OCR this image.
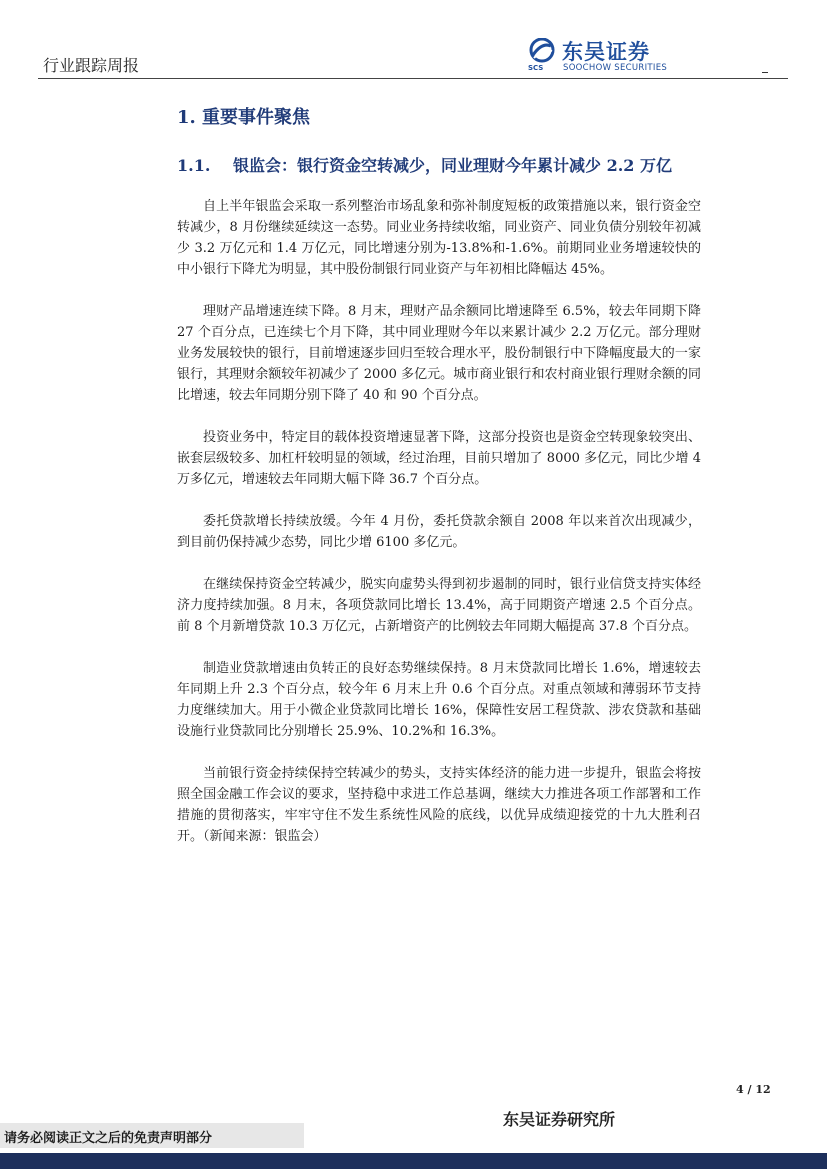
行业跟踪周报	SCS
东吴证券
SOOCHOW SECURITIES
1. 重要事件聚焦
1.1. 银监会：银行资金空转减少，同业理财今年累计减少 2.2 万亿

自上半年银监会采取一系列整治市场乱象和弥补制度短板的政策措施以来，银行资金空转减少，8 月份继续延续这一态势。同业业务持续收缩，同业资产、同业负债分别较年初减少 3.2 万亿元和 1.4 万亿元，同比增速分别为-13.8%和-1.6%。前期同业业务增速较快的中小银行下降尤为明显，其中股份制银行同业资产与年初相比降幅达 45%。

理财产品增速连续下降。8 月末，理财产品余额同比增速降至 6.5%，较去年同期下降 27 个百分点，已连续七个月下降，其中同业理财今年以来累计减少 2.2 万亿元。部分理财业务发展较快的银行，目前增速逐步回归至较合理水平，股份制银行中下降幅度最大的一家银行，其理财余额较年初减少了 2000 多亿元。城市商业银行和农村商业银行理财余额的同比增速，较去年同期分别下降了 40 和 90 个百分点。

投资业务中，特定目的载体投资增速显著下降，这部分投资也是资金空转现象较突出、嵌套层级较多、加杠杆较明显的领域，经过治理，目前只增加了 8000 多亿元，同比少增 4 万多亿元，增速较去年同期大幅下降 36.7 个百分点。

委托贷款增长持续放缓。今年 4 月份，委托贷款余额自 2008 年以来首次出现减少，到目前仍保持减少态势，同比少增 6100 多亿元。

在继续保持资金空转减少，脱实向虚势头得到初步遏制的同时，银行业信贷支持实体经济力度持续加强。8 月末，各项贷款同比增长 13.4%，高于同期资产增速 2.5 个百分点。前 8 个月新增贷款 10.3 万亿元，占新增资产的比例较去年同期大幅提高 37.8 个百分点。

制造业贷款增速由负转正的良好态势继续保持。8 月末贷款同比增长 1.6%，增速较去年同期上升 2.3 个百分点，较今年 6 月末上升 0.6 个百分点。对重点领域和薄弱环节支持力度继续加大。用于小微企业贷款同比增长 16%，保障性安居工程贷款、涉农贷款和基础设施行业贷款同比分别增长 25.9%、10.2%和 16.3%。

当前银行资金持续保持空转减少的势头，支持实体经济的能力进一步提升，银监会将按照全国金融工作会议的要求，坚持稳中求进工作总基调，继续大力推进各项工作部署和工作措施的贯彻落实，牢牢守住不发生系统性风险的底线，以优异成绩迎接党的十九大胜利召开。（新闻来源：银监会）

4 / 12
东吴证券研究所
请务必阅读正文之后的免责声明部分
